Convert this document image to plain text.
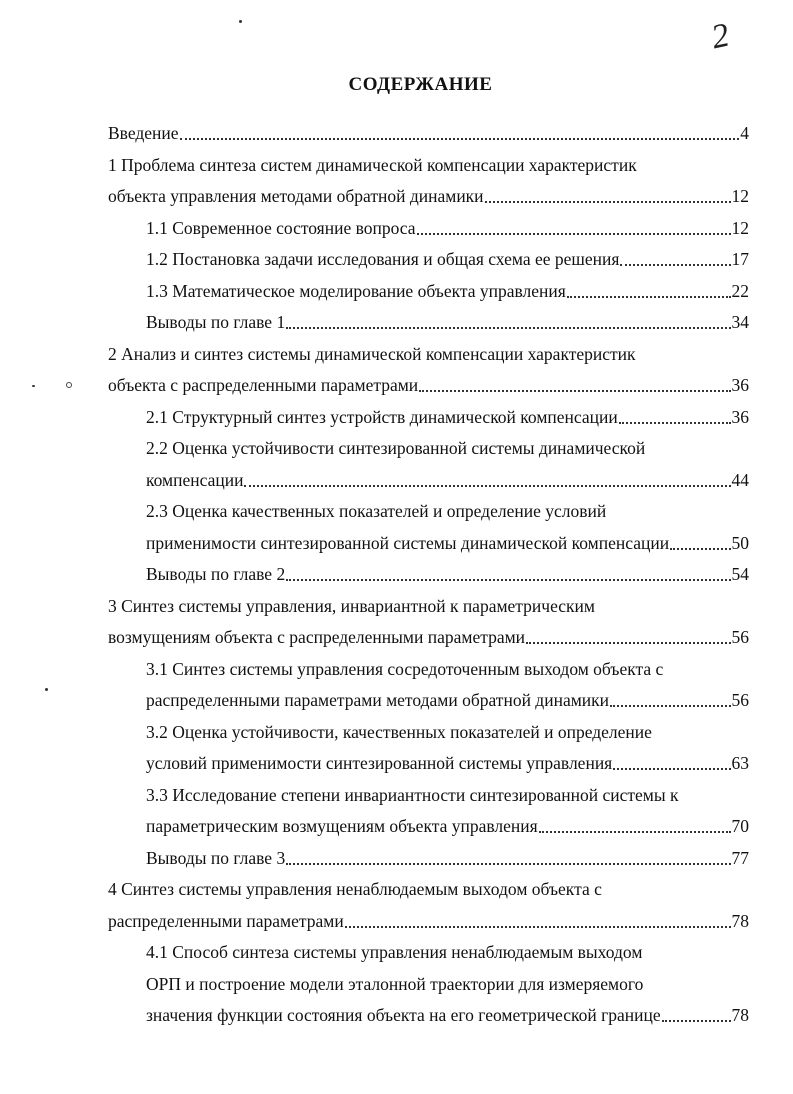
2
СОДЕРЖАНИЕ
Введение	4
1 Проблема синтеза систем динамической компенсации характеристик
объекта управления методами обратной динамики	12
1.1 Современное состояние вопроса	12
1.2 Постановка задачи исследования и общая схема ее решения	17
1.3 Математическое моделирование объекта управления	22
Выводы по главе 1	34
2 Анализ и синтез системы динамической компенсации характеристик
объекта с распределенными параметрами	36
2.1 Структурный синтез устройств динамической компенсации	36
2.2 Оценка устойчивости синтезированной системы динамической
компенсации	44
2.3 Оценка качественных показателей и определение условий
применимости синтезированной системы динамической компенсации	50
Выводы по главе 2	54
3 Синтез системы управления, инвариантной к параметрическим
возмущениям объекта с распределенными параметрами	56
3.1 Синтез системы управления сосредоточенным выходом объекта с
распределенными параметрами методами обратной динамики	56
3.2 Оценка устойчивости, качественных показателей и определение
условий применимости синтезированной системы управления	63
3.3 Исследование степени инвариантности синтезированной системы к
параметрическим возмущениям объекта управления	70
Выводы по главе 3	77
4 Синтез системы управления ненаблюдаемым выходом объекта с
распределенными параметрами	78
4.1 Способ синтеза системы управления ненаблюдаемым выходом
ОРП и построение модели эталонной траектории для измеряемого
значения функции состояния объекта на его геометрической границе	78
